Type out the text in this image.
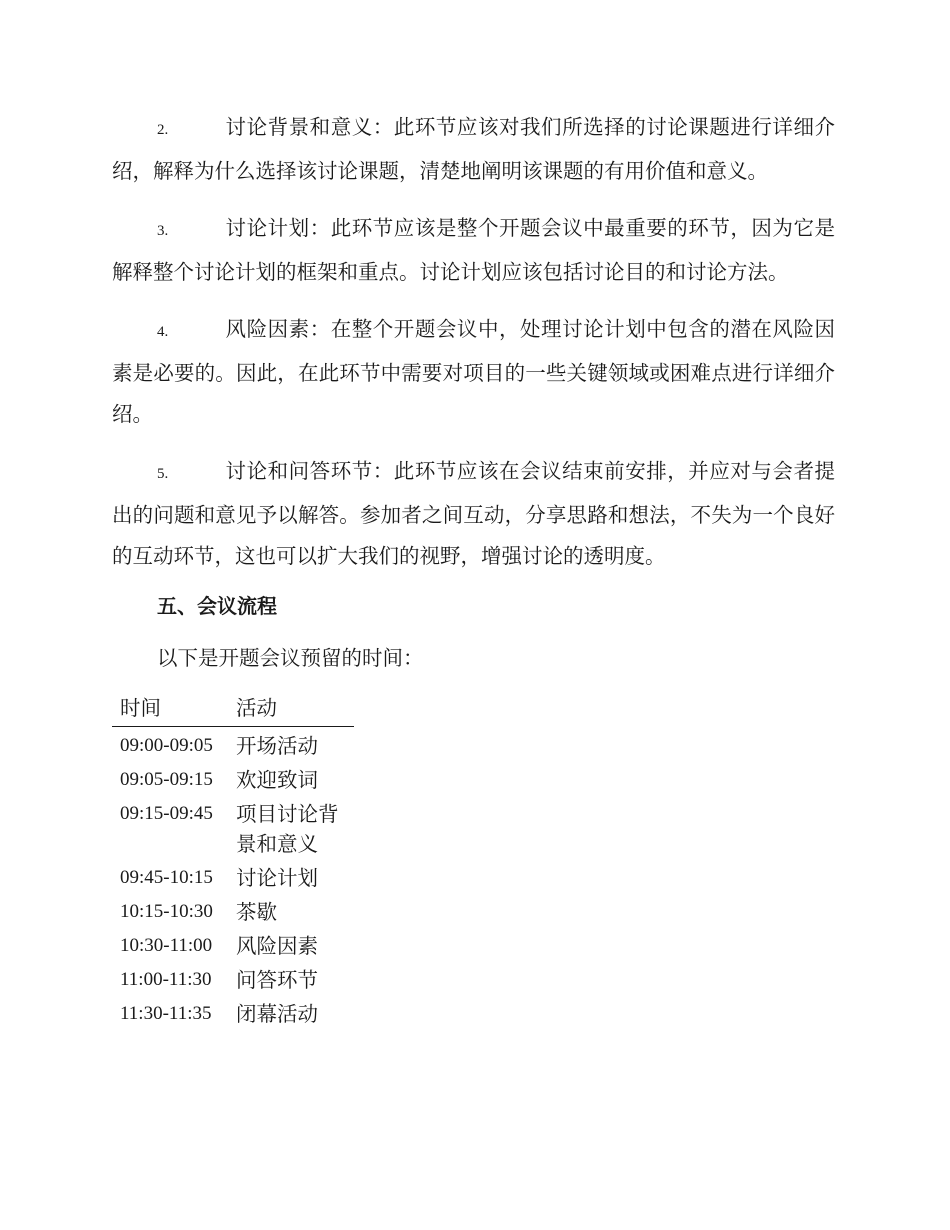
2.	讨论背景和意义：此环节应该对我们所选择的讨论课题进行详细介绍，解释为什么选择该讨论课题，清楚地阐明该课题的有用价值和意义。

3.	讨论计划：此环节应该是整个开题会议中最重要的环节，因为它是解释整个讨论计划的框架和重点。讨论计划应该包括讨论目的和讨论方法。

4.	风险因素：在整个开题会议中，处理讨论计划中包含的潜在风险因素是必要的。因此，在此环节中需要对项目的一些关键领域或困难点进行详细介绍。

5.	讨论和问答环节：此环节应该在会议结束前安排，并应对与会者提出的问题和意见予以解答。参加者之间互动，分享思路和想法，不失为一个良好的互动环节，这也可以扩大我们的视野，增强讨论的透明度。

五、会议流程

以下是开题会议预留的时间：

时间	活动
09:00-09:05	开场活动
09:05-09:15	欢迎致词
09:15-09:45	项目讨论背景和意义
09:45-10:15	讨论计划
10:15-10:30	茶歇
10:30-11:00	风险因素
11:00-11:30	问答环节
11:30-11:35	闭幕活动
